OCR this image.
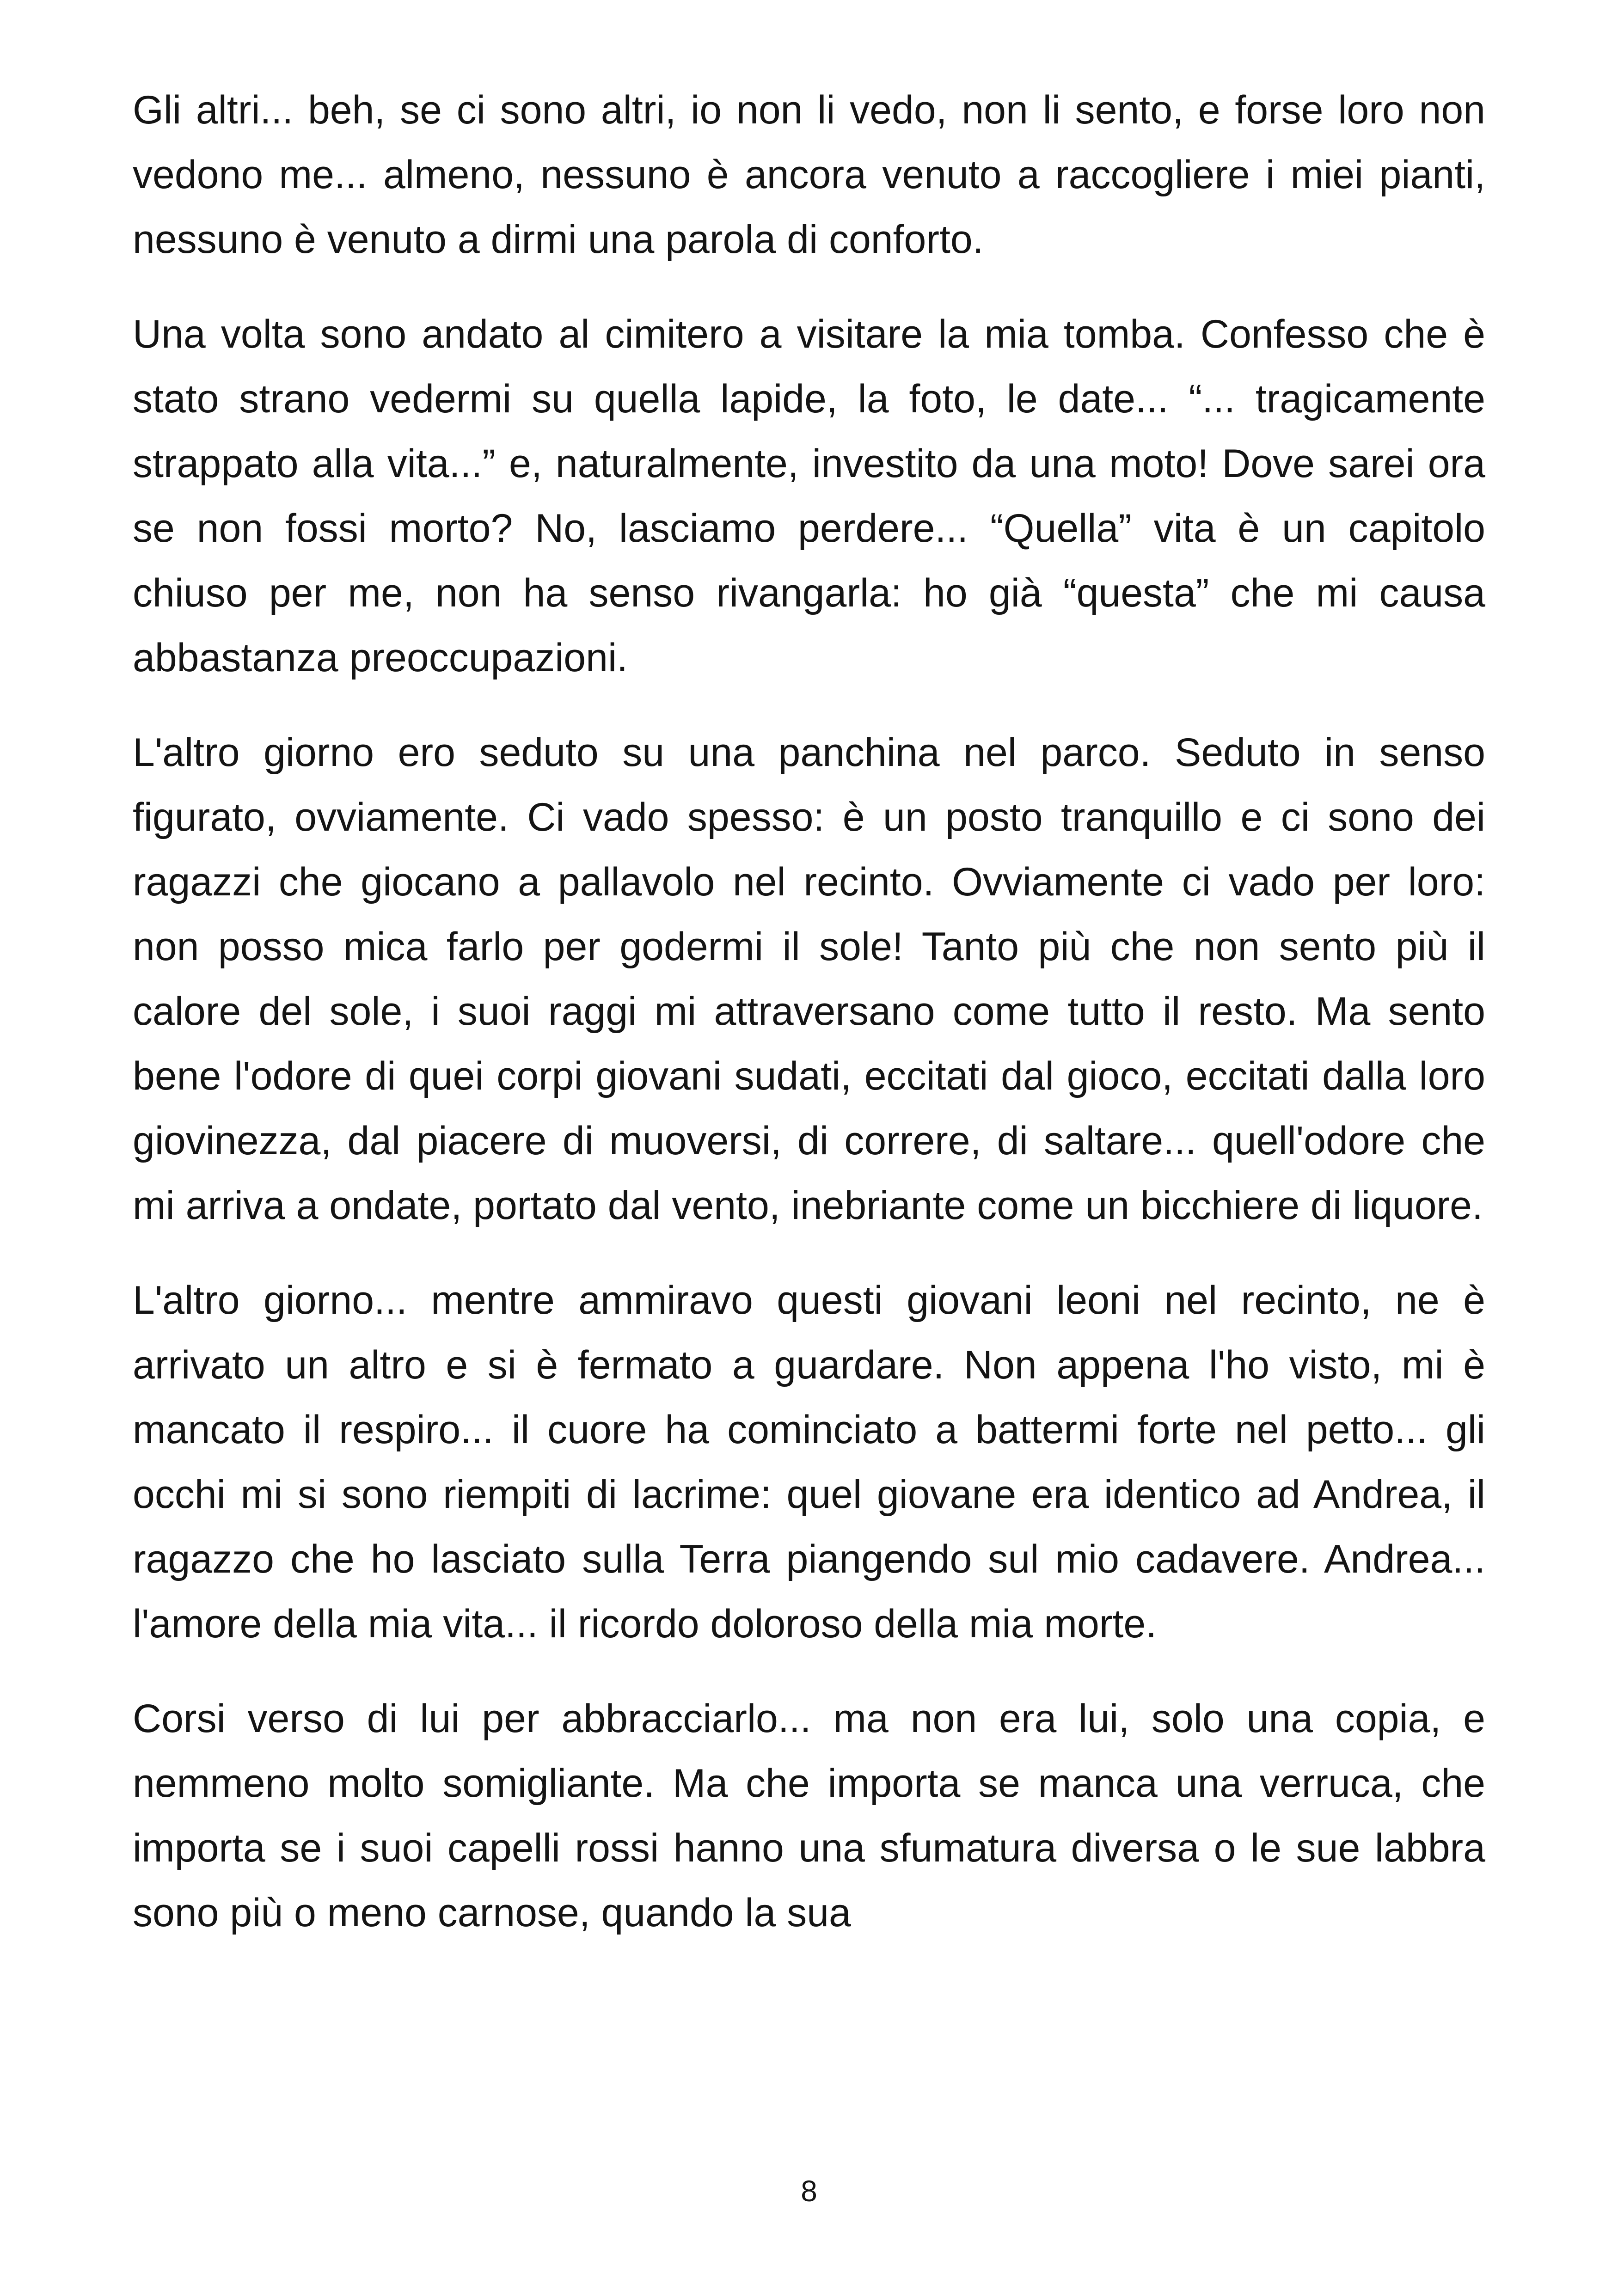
Gli altri... beh, se ci sono altri, io non li vedo, non li sento, e forse loro non vedono me... almeno, nessuno è ancora venuto a raccogliere i miei pianti, nessuno è venuto a dirmi una parola di conforto.

Una volta sono andato al cimitero a visitare la mia tomba. Confesso che è stato strano vedermi su quella lapide, la foto, le date... “... tragicamente strappato alla vita...” e, naturalmente, investito da una moto! Dove sarei ora se non fossi morto? No, lasciamo perdere... “Quella” vita è un capitolo chiuso per me, non ha senso rivangarla: ho già “questa” che mi causa abbastanza preoccupazioni.

L'altro giorno ero seduto su una panchina nel parco. Seduto in senso figurato, ovviamente. Ci vado spesso: è un posto tranquillo e ci sono dei ragazzi che giocano a pallavolo nel recinto. Ovviamente ci vado per loro: non posso mica farlo per godermi il sole! Tanto più che non sento più il calore del sole, i suoi raggi mi attraversano come tutto il resto. Ma sento bene l'odore di quei corpi giovani sudati, eccitati dal gioco, eccitati dalla loro giovinezza, dal piacere di muoversi, di correre, di saltare... quell'odore che mi arriva a ondate, portato dal vento, inebriante come un bicchiere di liquore.

L'altro giorno... mentre ammiravo questi giovani leoni nel recinto, ne è arrivato un altro e si è fermato a guardare. Non appena l'ho visto, mi è mancato il respiro... il cuore ha cominciato a battermi forte nel petto... gli occhi mi si sono riempiti di lacrime: quel giovane era identico ad Andrea, il ragazzo che ho lasciato sulla Terra piangendo sul mio cadavere. Andrea... l'amore della mia vita... il ricordo doloroso della mia morte.

Corsi verso di lui per abbracciarlo... ma non era lui, solo una copia, e nemmeno molto somigliante. Ma che importa se manca una verruca, che importa se i suoi capelli rossi hanno una sfumatura diversa o le sue labbra sono più o meno carnose, quando la sua

8
